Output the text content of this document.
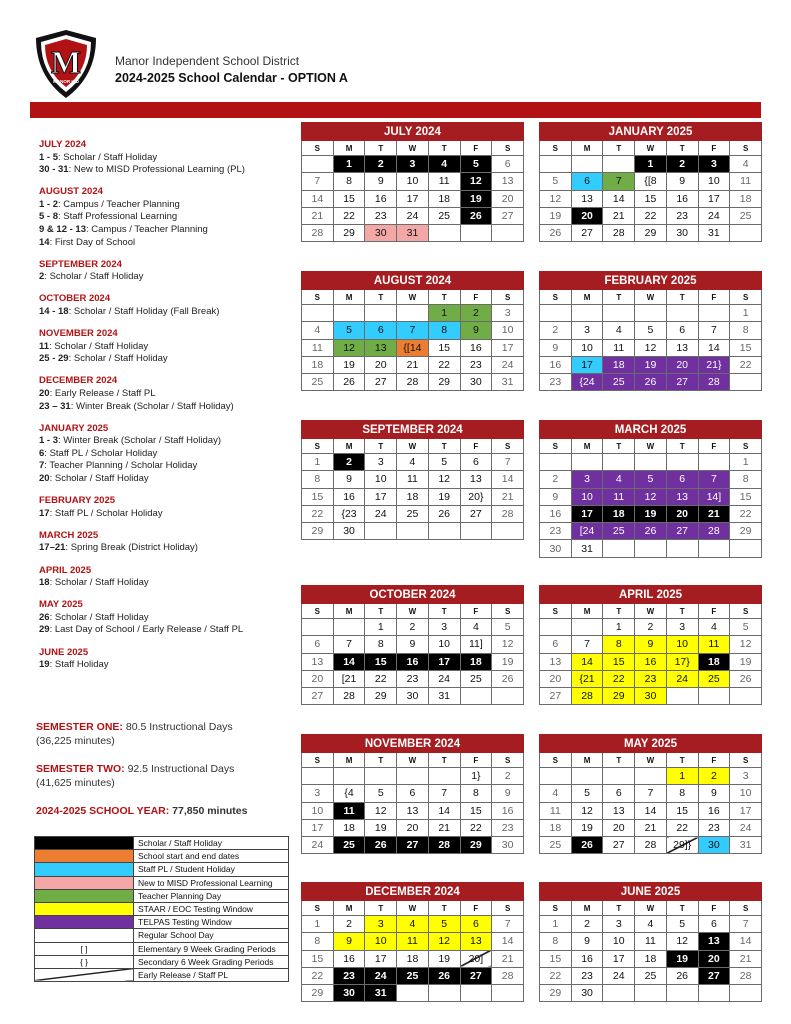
M
MANOR ISD
Manor Independent School District
2024-2025 School Calendar - OPTION A
JULY 2024
1 - 5: Scholar / Staff Holiday
30 - 31: New to MISD Professional Learning (PL)
AUGUST 2024
1 - 2: Campus / Teacher Planning
5 - 8: Staff Professional Learning
9 & 12 - 13: Campus / Teacher Planning
14: First Day of School
SEPTEMBER 2024
2: Scholar / Staff Holiday
OCTOBER 2024
14 - 18: Scholar / Staff Holiday (Fall Break)
NOVEMBER 2024
11: Scholar / Staff Holiday
25 - 29: Scholar / Staff Holiday
DECEMBER 2024
20: Early Release / Staff PL
23 – 31: Winter Break (Scholar / Staff Holiday)
JANUARY 2025
1 - 3: Winter Break (Scholar / Staff Holiday)
6: Staff PL / Scholar Holiday
7: Teacher Planning / Scholar Holiday
20: Scholar / Staff Holiday
FEBRUARY 2025
17: Staff PL / Scholar Holiday
MARCH 2025
17–21: Spring Break (District Holiday)
APRIL 2025
18: Scholar / Staff Holiday
MAY 2025
26: Scholar / Staff Holiday
29: Last Day of School / Early Release / Staff PL
JUNE 2025
19: Staff Holiday
SEMESTER ONE: 80.5 Instructional Days
(36,225 minutes)
SEMESTER TWO: 92.5 Instructional Days
(41,625 minutes)
2024-2025 SCHOOL YEAR: 77,850 minutes
	Scholar / Staff Holiday
	School start and end dates
	Staff PL / Student Holiday
	New to MISD Professional Learning
	Teacher Planning Day
	STAAR / EOC Testing Window
	TELPAS Testing Window
	Regular School Day
[ ]	Elementary 9 Week Grading Periods
{ }	Secondary 6 Week Grading Periods
	Early Release / Staff PL
JULY 2024						
S	M	T	W	T	F	S
	1	2	3	4	5	6
7	8	9	10	11	12	13
14	15	16	17	18	19	20
21	22	23	24	25	26	27
28	29	30	31			
JANUARY 2025						
S	M	T	W	T	F	S
			1	2	3	4
5	6	7	{[8	9	10	11
12	13	14	15	16	17	18
19	20	21	22	23	24	25
26	27	28	29	30	31	
AUGUST 2024						
S	M	T	W	T	F	S
				1	2	3
4	5	6	7	8	9	10
11	12	13	{[14	15	16	17
18	19	20	21	22	23	24
25	26	27	28	29	30	31
FEBRUARY 2025						
S	M	T	W	T	F	S
						1
2	3	4	5	6	7	8
9	10	11	12	13	14	15
16	17	18	19	20	21}	22
23	{24	25	26	27	28	
SEPTEMBER 2024						
S	M	T	W	T	F	S
1	2	3	4	5	6	7
8	9	10	11	12	13	14
15	16	17	18	19	20}	21
22	{23	24	25	26	27	28
29	30					
MARCH 2025						
S	M	T	W	T	F	S
						1
2	3	4	5	6	7	8
9	10	11	12	13	14]	15
16	17	18	19	20	21	22
23	[24	25	26	27	28	29
30	31					
OCTOBER 2024						
S	M	T	W	T	F	S
		1	2	3	4	5
6	7	8	9	10	11]	12
13	14	15	16	17	18	19
20	[21	22	23	24	25	26
27	28	29	30	31		
APRIL 2025						
S	M	T	W	T	F	S
		1	2	3	4	5
6	7	8	9	10	11	12
13	14	15	16	17}	18	19
20	{21	22	23	24	25	26
27	28	29	30			
NOVEMBER 2024						
S	M	T	W	T	F	S
					1}	2
3	{4	5	6	7	8	9
10	11	12	13	14	15	16
17	18	19	20	21	22	23
24	25	26	27	28	29	30
MAY 2025						
S	M	T	W	T	F	S
				1	2	3
4	5	6	7	8	9	10
11	12	13	14	15	16	17
18	19	20	21	22	23	24
25	26	27	28	29]}	30	31
DECEMBER 2024						
S	M	T	W	T	F	S
1	2	3	4	5	6	7
8	9	10	11	12	13	14
15	16	17	18	19	20]	21
22	23	24	25	26	27	28
29	30	31				
JUNE 2025						
S	M	T	W	T	F	S
1	2	3	4	5	6	7
8	9	10	11	12	13	14
15	16	17	18	19	20	21
22	23	24	25	26	27	28
29	30					
